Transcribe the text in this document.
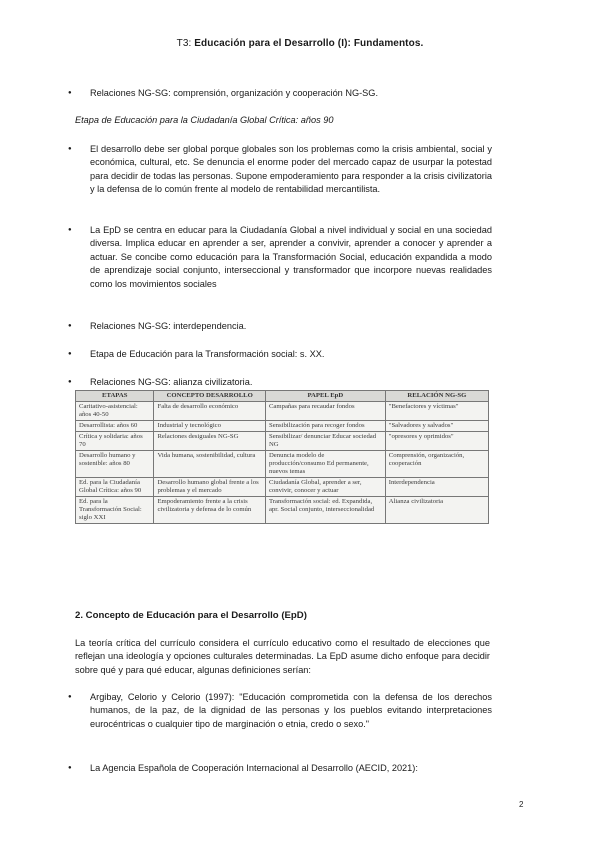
T3: Educación para el Desarrollo (I): Fundamentos.
● Relaciones NG-SG: comprensión, organización y cooperación NG-SG.
Etapa de Educación para la Ciudadanía Global Crítica: años 90
● El desarrollo debe ser global porque globales son los problemas como la crisis ambiental, social y económica, cultural, etc. Se denuncia el enorme poder del mercado capaz de usurpar la potestad para decidir de todas las personas. Supone empoderamiento para responder a la crisis civilizatoria y la defensa de lo común frente al modelo de rentabilidad mercantilista.
● La EpD se centra en educar para la Ciudadanía Global a nivel individual y social en una sociedad diversa. Implica educar en aprender a ser, aprender a convivir, aprender a conocer y aprender a actuar. Se concibe como educación para la Transformación Social, educación expandida a modo de aprendizaje social conjunto, interseccional y transformador que incorpore nuevas realidades como los movimientos sociales
● Relaciones NG-SG: interdependencia.
● Etapa de Educación para la Transformación social: s. XX.
● Relaciones NG-SG: alianza civilizatoria.
ETAPAS	CONCEPTO DESARROLLO	PAPEL EpD	RELACIÓN NG-SG
Caritativo-asistencial: años 40-50	Falta de desarrollo económico	Campañas para recaudar fondos	"Benefactores y víctimas"
Desarrollista: años 60	Industrial y tecnológico	Sensibilización para recoger fondos	"Salvadores y salvados"
Crítica y solidaria: años 70	Relaciones desiguales NG-SG	Sensibilizar/ denunciar Educar sociedad NG	"opresores y oprimidos"
Desarrollo humano y sostenible: años 80	Vida humana, sostenibilidad, cultura	Denuncia modelo de producción/consumo Ed permanente, nuevos temas	Comprensión, organización, cooperación
Ed. para la Ciudadanía Global Crítica: años 90	Desarrollo humano global frente a los problemas y el mercado	Ciudadanía Global, aprender a ser, convivir, conocer y actuar	Interdependencia
Ed. para la Transformación Social: siglo XXI	Empoderamiento frente a la crisis civilizatoria y defensa de lo común	Transformación social: ed. Expandida, apr. Social conjunto, interseccionalidad	Alianza civilizatoria
2. Concepto de Educación para el Desarrollo (EpD)
La teoría crítica del currículo considera el currículo educativo como el resultado de elecciones que reflejan una ideología y opciones culturales determinadas. La EpD asume dicho enfoque para decidir sobre qué y para qué educar, algunas definiciones serían:
● Argibay, Celorio y Celorio (1997): "Educación comprometida con la defensa de los derechos humanos, de la paz, de la dignidad de las personas y los pueblos evitando interpretaciones eurocéntricas o cualquier tipo de marginación o etnia, credo o sexo."
● La Agencia Española de Cooperación Internacional al Desarrollo (AECID, 2021):
2
